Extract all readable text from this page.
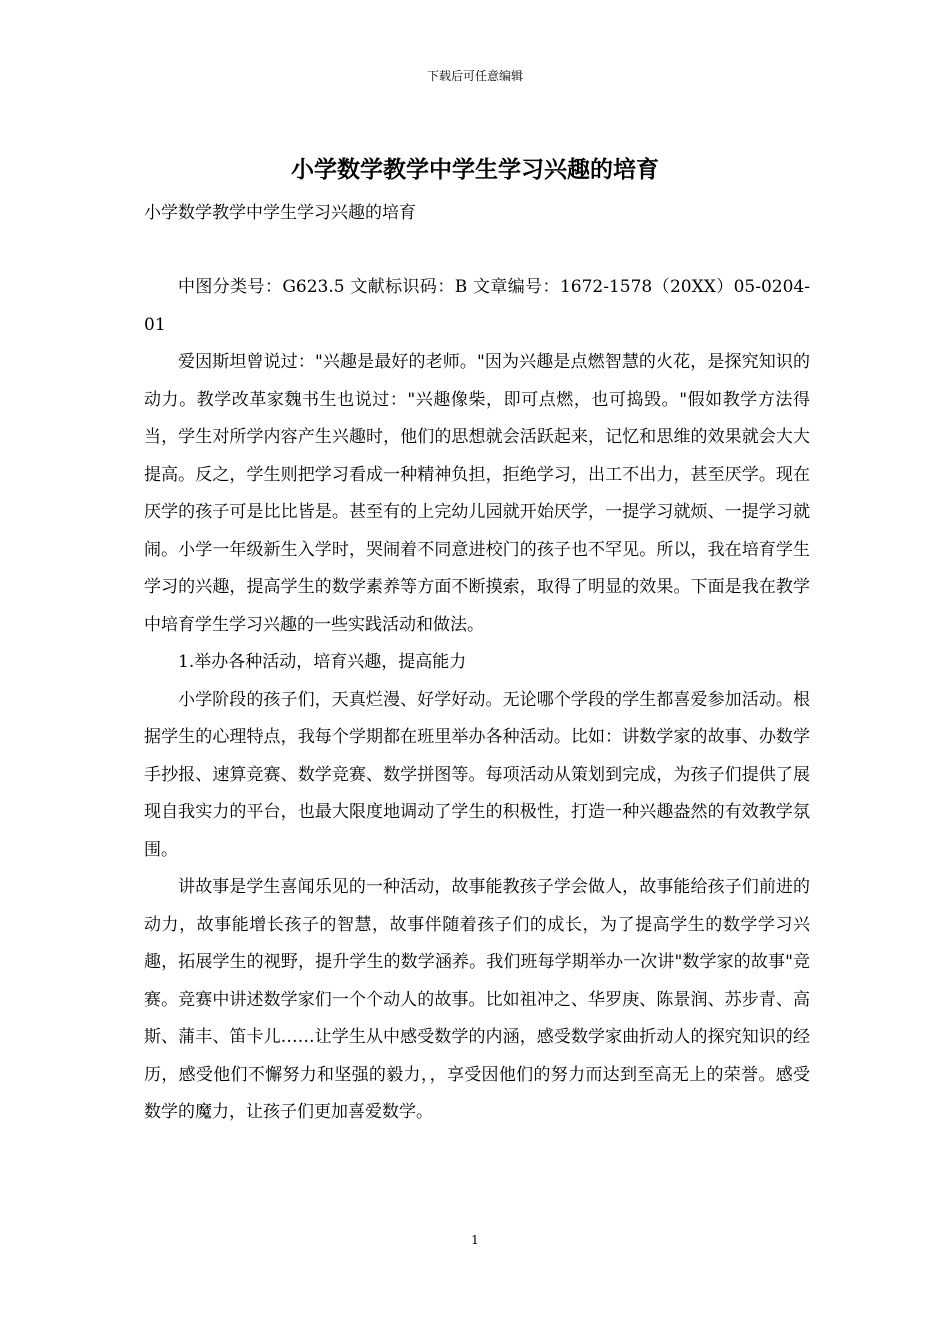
下载后可任意编辑
小学数学教学中学生学习兴趣的培育
小学数学教学中学生学习兴趣的培育

中图分类号：G623.5 文献标识码：B 文章编号：1672-1578（20XX）05-0204-01

爱因斯坦曾说过："兴趣是最好的老师。"因为兴趣是点燃智慧的火花，是探究知识的动力。教学改革家魏书生也说过："兴趣像柴，即可点燃，也可捣毁。"假如教学方法得当，学生对所学内容产生兴趣时，他们的思想就会活跃起来，记忆和思维的效果就会大大提高。反之，学生则把学习看成一种精神负担，拒绝学习，出工不出力，甚至厌学。现在厌学的孩子可是比比皆是。甚至有的上完幼儿园就开始厌学，一提学习就烦、一提学习就闹。小学一年级新生入学时，哭闹着不同意进校门的孩子也不罕见。所以，我在培育学生学习的兴趣，提高学生的数学素养等方面不断摸索，取得了明显的效果。下面是我在教学中培育学生学习兴趣的一些实践活动和做法。

1.举办各种活动，培育兴趣，提高能力

小学阶段的孩子们，天真烂漫、好学好动。无论哪个学段的学生都喜爱参加活动。根据学生的心理特点，我每个学期都在班里举办各种活动。比如：讲数学家的故事、办数学手抄报、速算竞赛、数学竞赛、数学拼图等。每项活动从策划到完成，为孩子们提供了展现自我实力的平台，也最大限度地调动了学生的积极性，打造一种兴趣盎然的有效教学氛围。

讲故事是学生喜闻乐见的一种活动，故事能教孩子学会做人，故事能给孩子们前进的动力，故事能增长孩子的智慧，故事伴随着孩子们的成长，为了提高学生的数学学习兴趣，拓展学生的视野，提升学生的数学涵养。我们班每学期举办一次讲"数学家的故事"竞赛。竞赛中讲述数学家们一个个动人的故事。比如祖冲之、华罗庚、陈景润、苏步青、高斯、蒲丰、笛卡儿……让学生从中感受数学的内涵，感受数学家曲折动人的探究知识的经历，感受他们不懈努力和坚强的毅力，，享受因他们的努力而达到至高无上的荣誉。感受数学的魔力，让孩子们更加喜爱数学。

1
